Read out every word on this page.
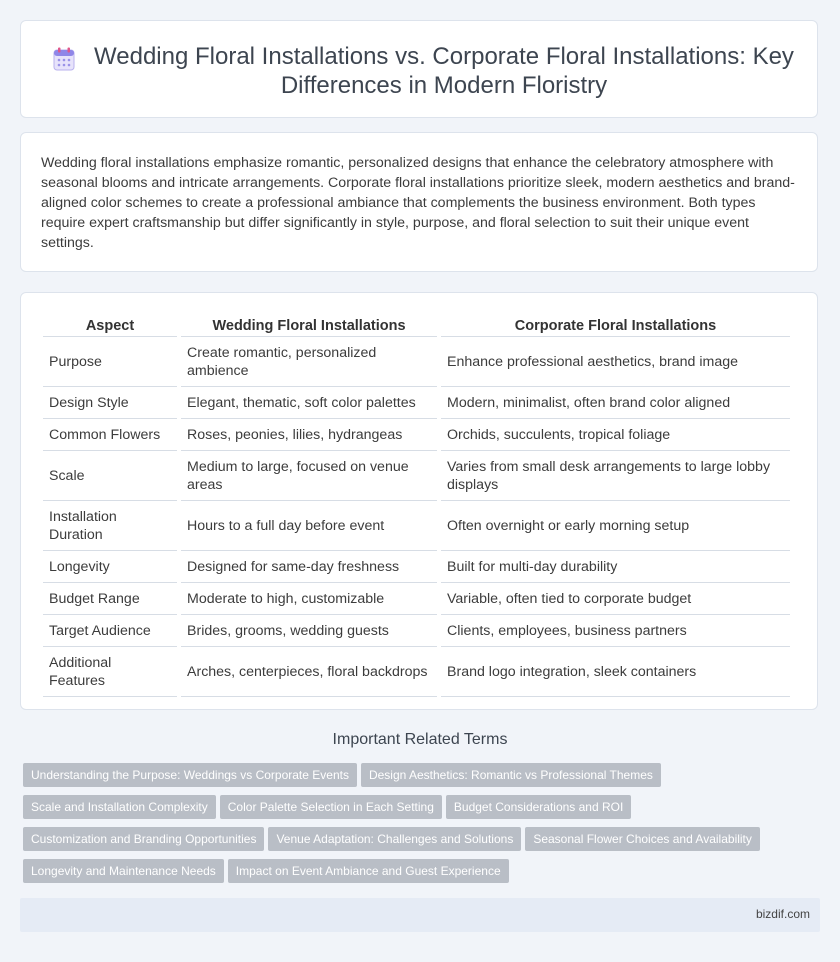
Wedding Floral Installations vs. Corporate Floral Installations: Key Differences in Modern Floristry

Wedding floral installations emphasize romantic, personalized designs that enhance the celebratory atmosphere with seasonal blooms and intricate arrangements. Corporate floral installations prioritize sleek, modern aesthetics and brand-aligned color schemes to create a professional ambiance that complements the business environment. Both types require expert craftsmanship but differ significantly in style, purpose, and floral selection to suit their unique event settings.

Aspect	Wedding Floral Installations	Corporate Floral Installations
Purpose	Create romantic, personalized ambience	Enhance professional aesthetics, brand image
Design Style	Elegant, thematic, soft color palettes	Modern, minimalist, often brand color aligned
Common Flowers	Roses, peonies, lilies, hydrangeas	Orchids, succulents, tropical foliage
Scale	Medium to large, focused on venue areas	Varies from small desk arrangements to large lobby displays
Installation Duration	Hours to a full day before event	Often overnight or early morning setup
Longevity	Designed for same-day freshness	Built for multi-day durability
Budget Range	Moderate to high, customizable	Variable, often tied to corporate budget
Target Audience	Brides, grooms, wedding guests	Clients, employees, business partners
Additional Features	Arches, centerpieces, floral backdrops	Brand logo integration, sleek containers
Important Related Terms
Understanding the Purpose: Weddings vs Corporate Events Design Aesthetics: Romantic vs Professional Themes
Scale and Installation Complexity Color Palette Selection in Each Setting Budget Considerations and ROI
Customization and Branding Opportunities Venue Adaptation: Challenges and Solutions Seasonal Flower Choices and Availability
Longevity and Maintenance Needs Impact on Event Ambiance and Guest Experience
bizdif.com
